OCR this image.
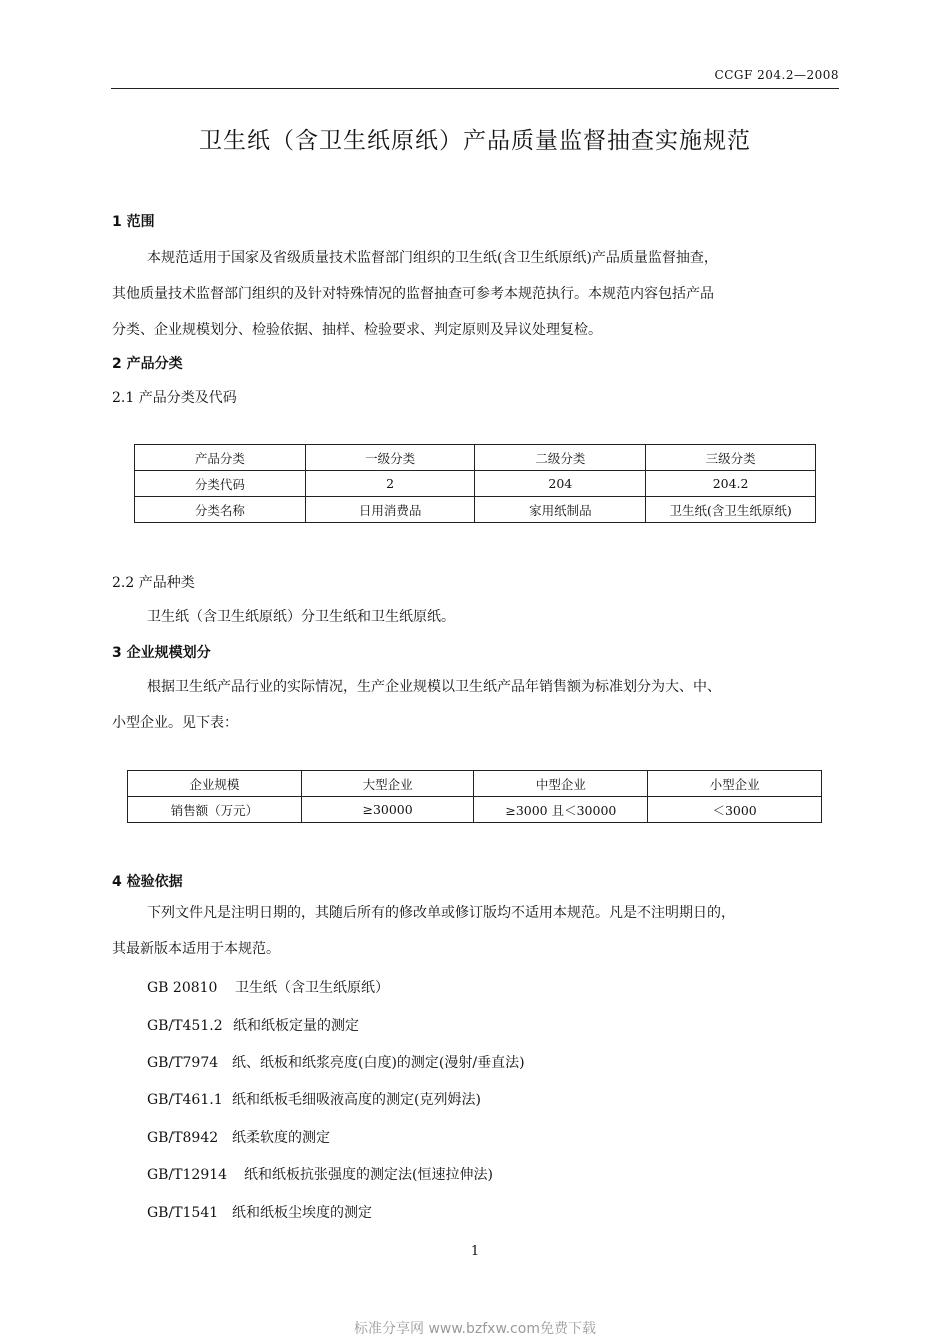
CCGF 204.2—2008
卫生纸（含卫生纸原纸）产品质量监督抽查实施规范
1 范围
本规范适用于国家及省级质量技术监督部门组织的卫生纸(含卫生纸原纸)产品质量监督抽查，
其他质量技术监督部门组织的及针对特殊情况的监督抽查可参考本规范执行。本规范内容包括产品
分类、企业规模划分、检验依据、抽样、检验要求、判定原则及异议处理复检。
2 产品分类
2.1 产品分类及代码
产品分类	一级分类	二级分类	三级分类
分类代码	2	204	204.2
分类名称	日用消费品	家用纸制品	卫生纸(含卫生纸原纸)
2.2 产品种类
卫生纸（含卫生纸原纸）分卫生纸和卫生纸原纸。
3 企业规模划分
根据卫生纸产品行业的实际情况，生产企业规模以卫生纸产品年销售额为标准划分为大、中、
小型企业。见下表：
企业规模	大型企业	中型企业	小型企业
销售额（万元）	≥30000	≥3000 且＜30000	＜3000
4 检验依据
下列文件凡是注明日期的，其随后所有的修改单或修订版均不适用本规范。凡是不注明期日的，
其最新版本适用于本规范。
GB 20810 卫生纸（含卫生纸原纸）
GB/T451.2 纸和纸板定量的测定
GB/T7974 纸、纸板和纸浆亮度(白度)的测定(漫射/垂直法)
GB/T461.1 纸和纸板毛细吸液高度的测定(克列姆法)
GB/T8942 纸柔软度的测定
GB/T12914 纸和纸板抗张强度的测定法(恒速拉伸法)
GB/T1541 纸和纸板尘埃度的测定
1
标准分享网 www.bzfxw.com免费下载
